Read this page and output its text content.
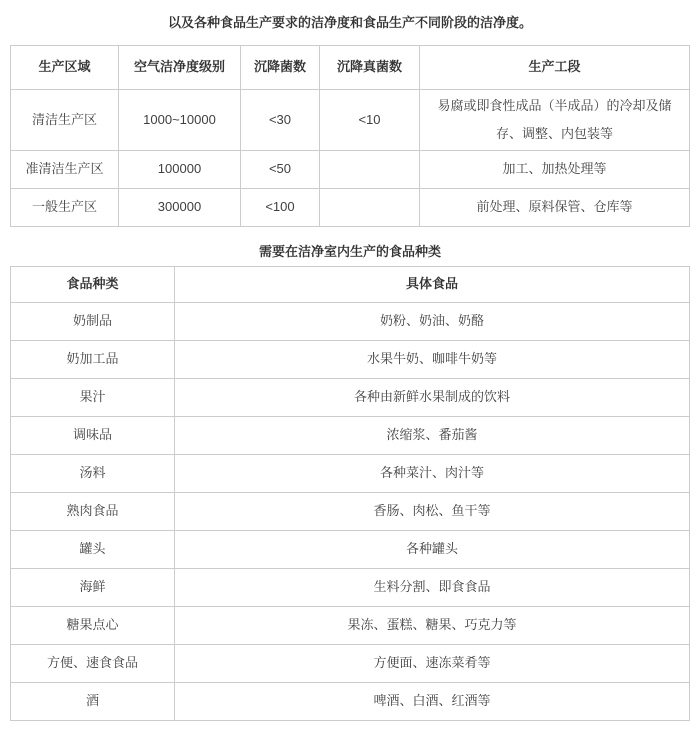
以及各种食品生产要求的洁净度和食品生产不同阶段的洁净度。
生产区域	空气洁净度级别	沉降菌数	沉降真菌数	生产工段
清洁生产区	1000~10000	<30	<10	易腐或即食性成品（半成品）的冷却及储存、调整、内包装等
准清洁生产区	100000	<50		加工、加热处理等
一般生产区	300000	<100		前处理、原料保管、仓库等
需要在洁净室内生产的食品种类
食品种类	具体食品
奶制品	奶粉、奶油、奶酪
奶加工品	水果牛奶、咖啡牛奶等
果汁	各种由新鲜水果制成的饮料
调味品	浓缩浆、番茄酱
汤料	各种菜汁、肉汁等
熟肉食品	香肠、肉松、鱼干等
罐头	各种罐头
海鲜	生料分割、即食食品
糖果点心	果冻、蛋糕、糖果、巧克力等
方便、速食食品	方便面、速冻菜肴等
酒	啤酒、白酒、红酒等
